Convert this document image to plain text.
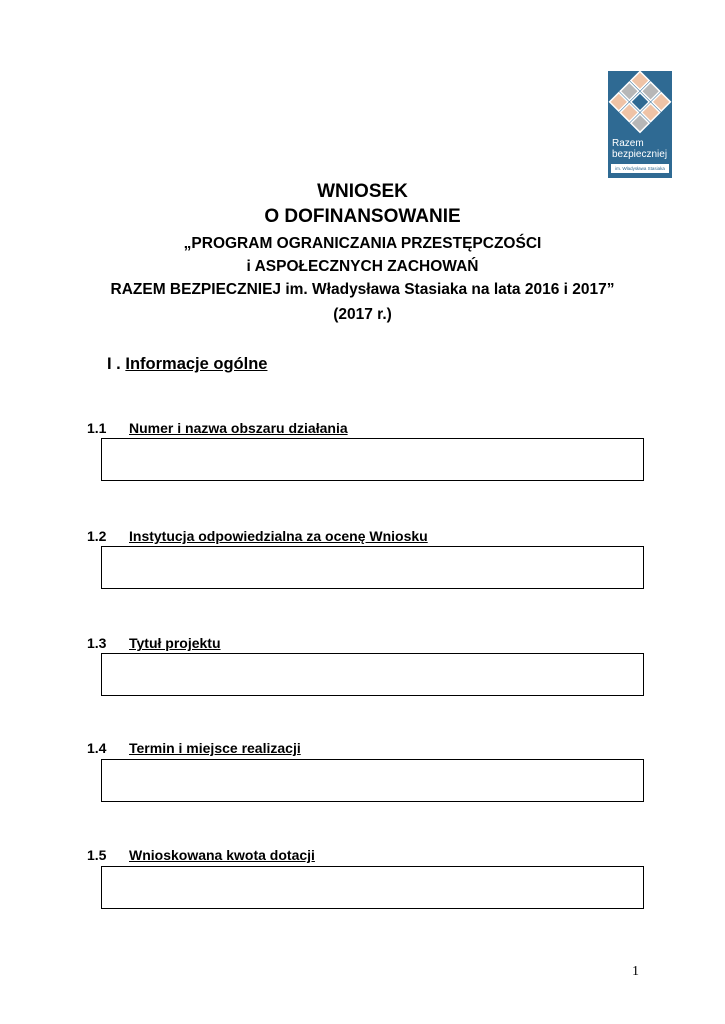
Razem
bezpieczniej
im. Władysława Stasiaka
WNIOSEK
O DOFINANSOWANIE
„PROGRAM OGRANICZANIA PRZESTĘPCZOŚCI
i ASPOŁECZNYCH ZACHOWAŃ
RAZEM BEZPIECZNIEJ im. Władysława Stasiaka na lata 2016 i 2017”
(2017 r.)
I . Informacje ogólne
1.1 Numer i nazwa obszaru działania
1.2 Instytucja odpowiedzialna za ocenę Wniosku
1.3 Tytuł projektu
1.4 Termin i miejsce realizacji
1.5 Wnioskowana kwota dotacji
1
